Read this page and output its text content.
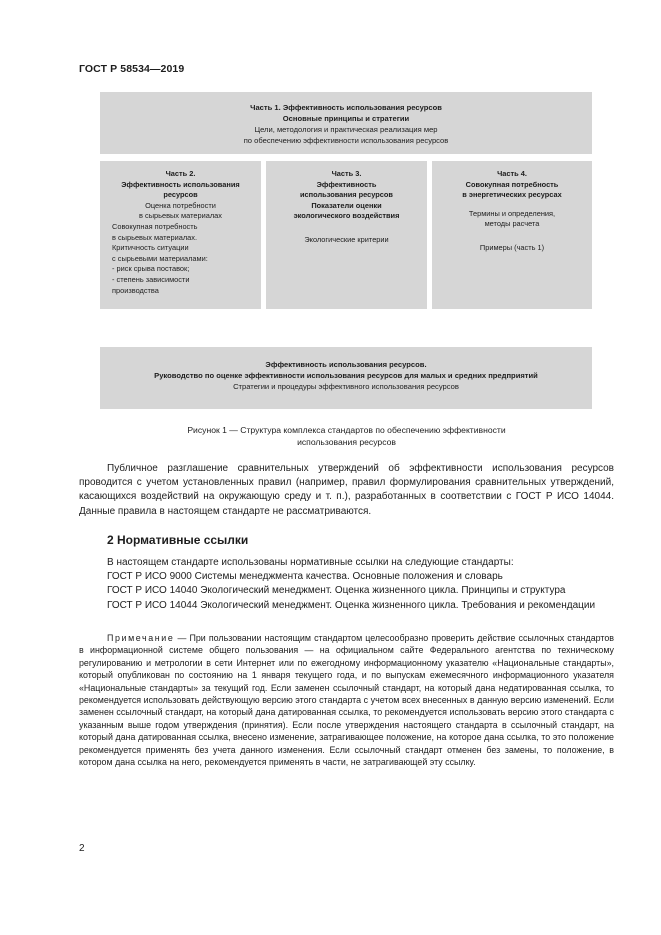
ГОСТ Р 58534—2019
Часть 1. Эффективность использования ресурсов
Основные принципы и стратегии
Цели, методология и практическая реализация мер
по обеспечению эффективности использования ресурсов
Часть 2.
Эффективность использования
ресурсов
Оценка потребности
в сырьевых материалах
Совокупная потребность
в сырьевых материалах.
Критичность ситуации
с сырьевыми материалами:
- риск срыва поставок;
- степень зависимости
производства
Часть 3.
Эффективность
использования ресурсов
Показатели оценки
экологического воздействия
Экологические критерии
Часть 4.
Совокупная потребность
в энергетических ресурсах
Термины и определения,
методы расчета
Примеры (часть 1)
Эффективность использования ресурсов.
Руководство по оценке эффективности использования ресурсов для малых и средних предприятий
Стратегии и процедуры эффективного использования ресурсов
Рисунок 1 — Структура комплекса стандартов по обеспечению эффективности
использования ресурсов

Публичное разглашение сравнительных утверждений об эффективности использования ресурсов проводится с учетом установленных правил (например, правил формулирования сравнительных утверждений, касающихся воздействий на окружающую среду и т. п.), разработанных в соответствии с ГОСТ Р ИСО 14044. Данные правила в настоящем стандарте не рассматриваются.

2 Нормативные ссылки

В настоящем стандарте использованы нормативные ссылки на следующие стандарты:

ГОСТ Р ИСО 9000 Системы менеджмента качества. Основные положения и словарь

ГОСТ Р ИСО 14040 Экологический менеджмент. Оценка жизненного цикла. Принципы и структура

ГОСТ Р ИСО 14044 Экологический менеджмент. Оценка жизненного цикла. Требования и рекомендации

Примечание — При пользовании настоящим стандартом целесообразно проверить действие ссылочных стандартов в информационной системе общего пользования — на официальном сайте Федерального агентства по техническому регулированию и метрологии в сети Интернет или по ежегодному информационному указателю «Национальные стандарты», который опубликован по состоянию на 1 января текущего года, и по выпускам ежемесячного информационного указателя «Национальные стандарты» за текущий год. Если заменен ссылочный стандарт, на который дана недатированная ссылка, то рекомендуется использовать действующую версию этого стандарта с учетом всех внесенных в данную версию изменений. Если заменен ссылочный стандарт, на который дана датированная ссылка, то рекомендуется использовать версию этого стандарта с указанным выше годом утверждения (принятия). Если после утверждения настоящего стандарта в ссылочный стандарт, на который дана датированная ссылка, внесено изменение, затрагивающее положение, на которое дана ссылка, то это положение рекомендуется применять без учета данного изменения. Если ссылочный стандарт отменен без замены, то положение, в котором дана ссылка на него, рекомендуется применять в части, не затрагивающей эту ссылку.

2
